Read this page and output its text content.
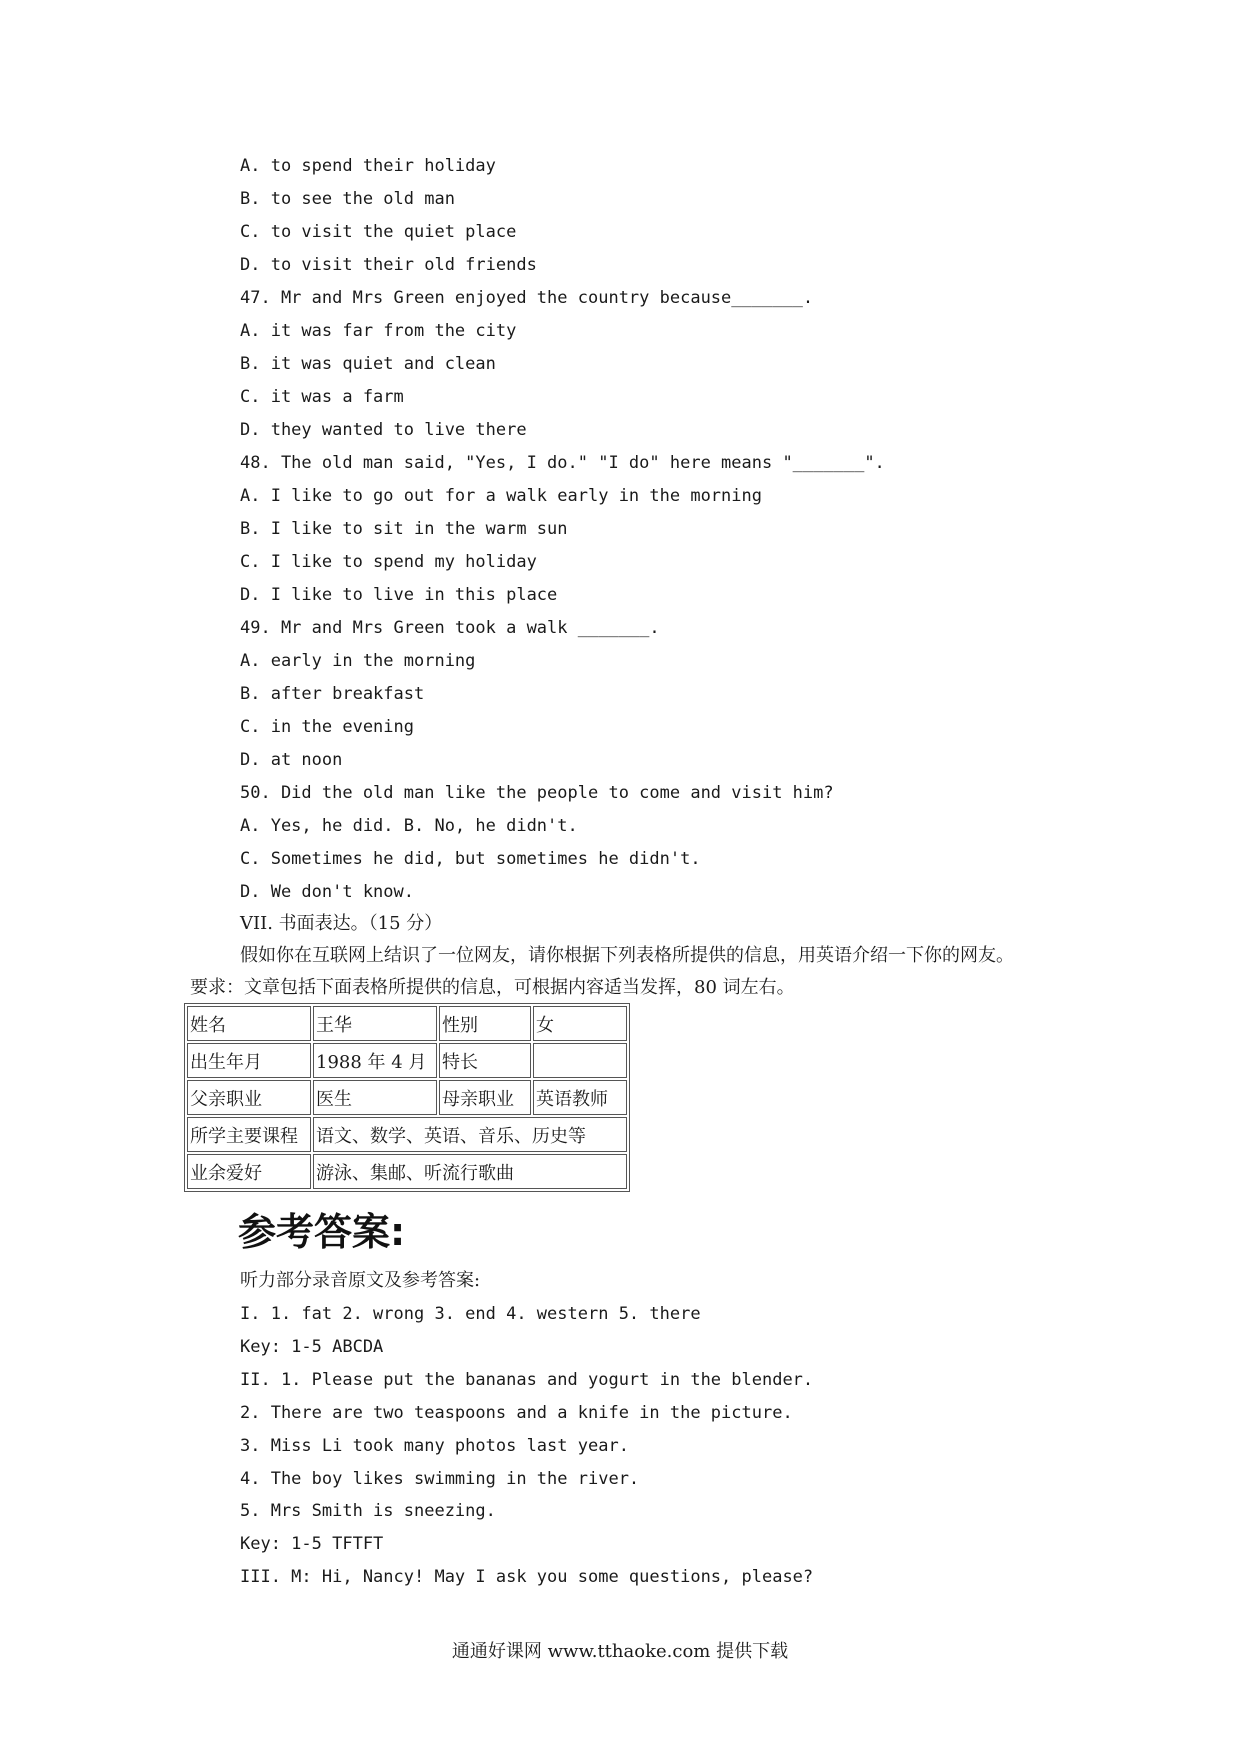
A. to spend their holiday
B. to see the old man
C. to visit the quiet place
D. to visit their old friends
47. Mr and Mrs Green enjoyed the country because_______.
A. it was far from the city
B. it was quiet and clean
C. it was a farm
D. they wanted to live there
48. The old man said, "Yes, I do." "I do" here means "_______".
A. I like to go out for a walk early in the morning
B. I like to sit in the warm sun
C. I like to spend my holiday
D. I like to live in this place
49. Mr and Mrs Green took a walk _______.
A. early in the morning
B. after breakfast
C. in the evening
D. at noon
50. Did the old man like the people to come and visit him?
A. Yes, he did. B. No, he didn't.
C. Sometimes he did, but sometimes he didn't.
D. We don't know.
VII. 书面表达。（15 分）
假如你在互联网上结识了一位网友，请你根据下列表格所提供的信息，用英语介绍一下你的网友。
要求：文章包括下面表格所提供的信息，可根据内容适当发挥，80 词左右。
姓名	王华	性别	女
出生年月	1988 年 4 月	特长	
父亲职业	医生	母亲职业	英语教师
所学主要课程	语文、数学、英语、音乐、历史等		
业余爱好	游泳、集邮、听流行歌曲		
参考答案:
听力部分录音原文及参考答案:
I. 1. fat 2. wrong 3. end 4. western 5. there
Key: 1-5 ABCDA
II. 1. Please put the bananas and yogurt in the blender.
2. There are two teaspoons and a knife in the picture.
3. Miss Li took many photos last year.
4. The boy likes swimming in the river.
5. Mrs Smith is sneezing.
Key: 1-5 TFTFT
III. M: Hi, Nancy! May I ask you some questions, please?
通通好课网 www.tthaoke.com 提供下载
